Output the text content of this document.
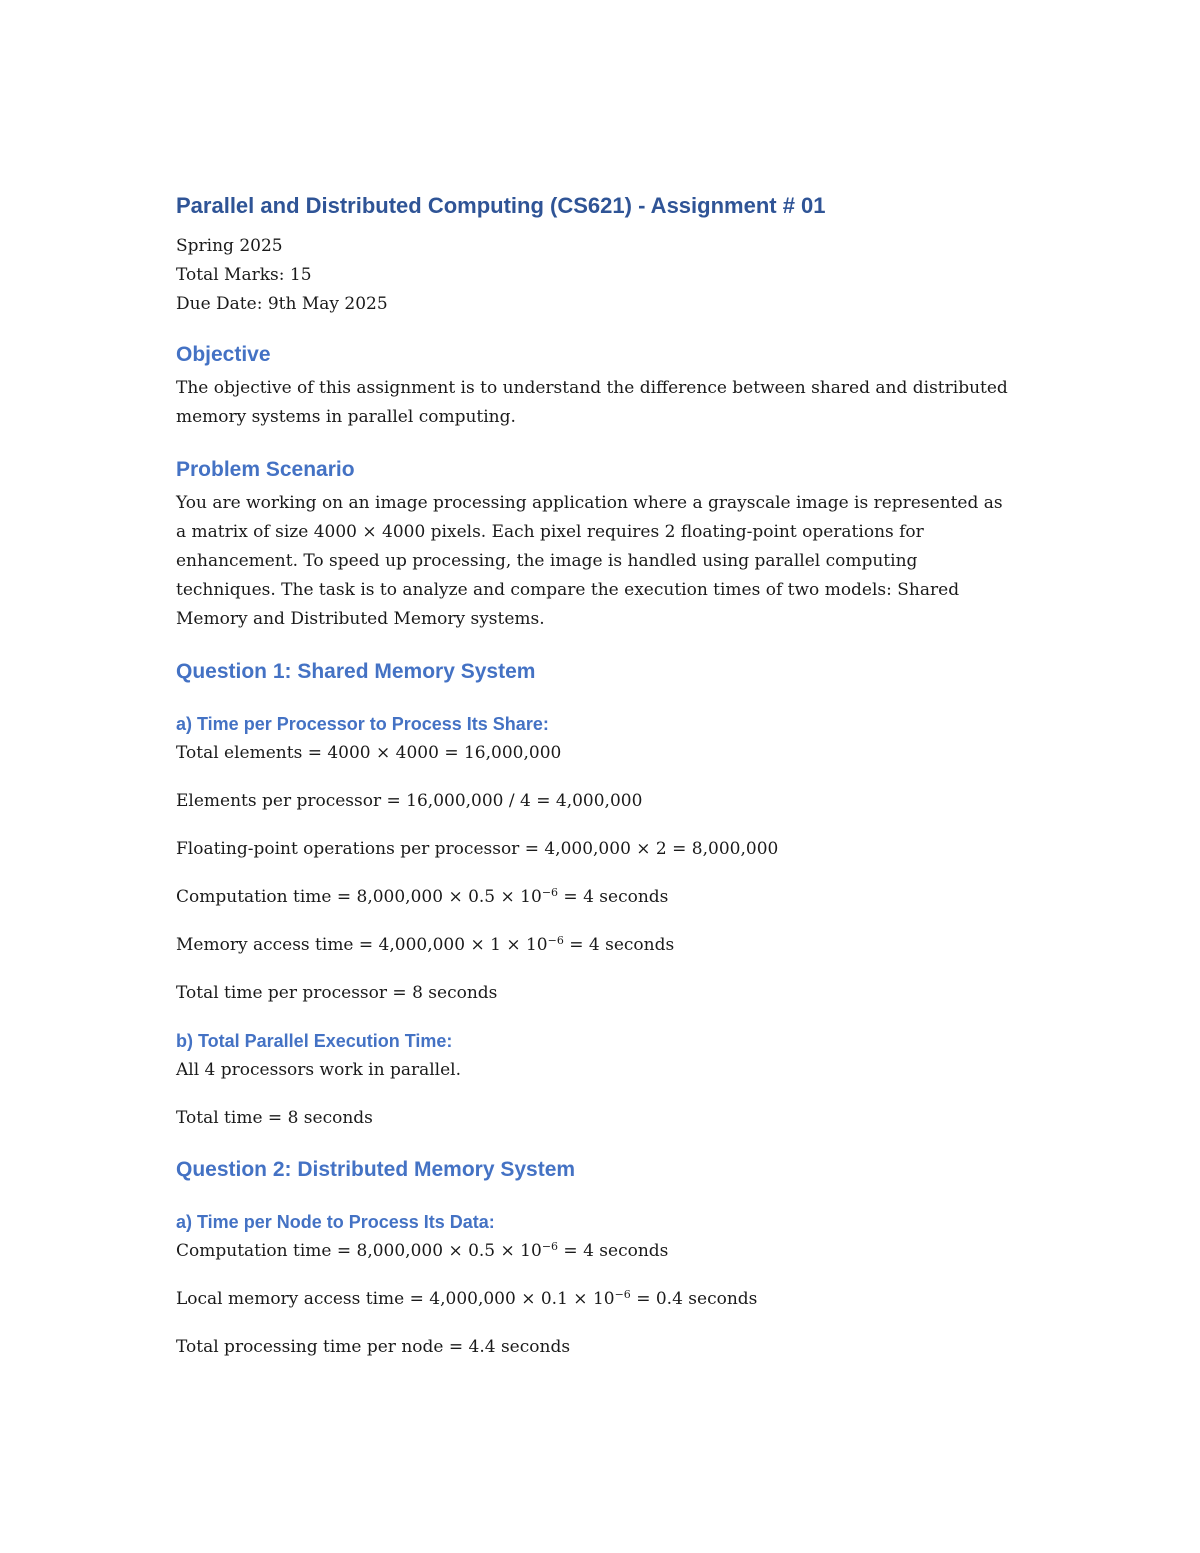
Parallel and Distributed Computing (CS621) - Assignment # 01

Spring 2025

Total Marks: 15

Due Date: 9th May 2025

Objective

The objective of this assignment is to understand the difference between shared and distributed memory systems in parallel computing.

Problem Scenario

You are working on an image processing application where a grayscale image is represented as a matrix of size 4000 × 4000 pixels. Each pixel requires 2 floating-point operations for enhancement. To speed up processing, the image is handled using parallel computing techniques. The task is to analyze and compare the execution times of two models: Shared Memory and Distributed Memory systems.

Question 1: Shared Memory System
a) Time per Processor to Process Its Share:

Total elements = 4000 × 4000 = 16,000,000

Elements per processor = 16,000,000 / 4 = 4,000,000

Floating-point operations per processor = 4,000,000 × 2 = 8,000,000

Computation time = $8,000,000 \times 0.5 \times 10^{-6} = 4$ seconds

Memory access time = $4,000,000 \times 1 \times 10^{-6} = 4$ seconds

Total time per processor = 8 seconds

b) Total Parallel Execution Time:

All 4 processors work in parallel.

Total time = 8 seconds

Question 2: Distributed Memory System
a) Time per Node to Process Its Data:

Computation time = $8,000,000 \times 0.5 \times 10^{-6} = 4$ seconds

Local memory access time = $4,000,000 \times 0.1 \times 10^{-6} = 0.4$ seconds

Total processing time per node = 4.4 seconds
